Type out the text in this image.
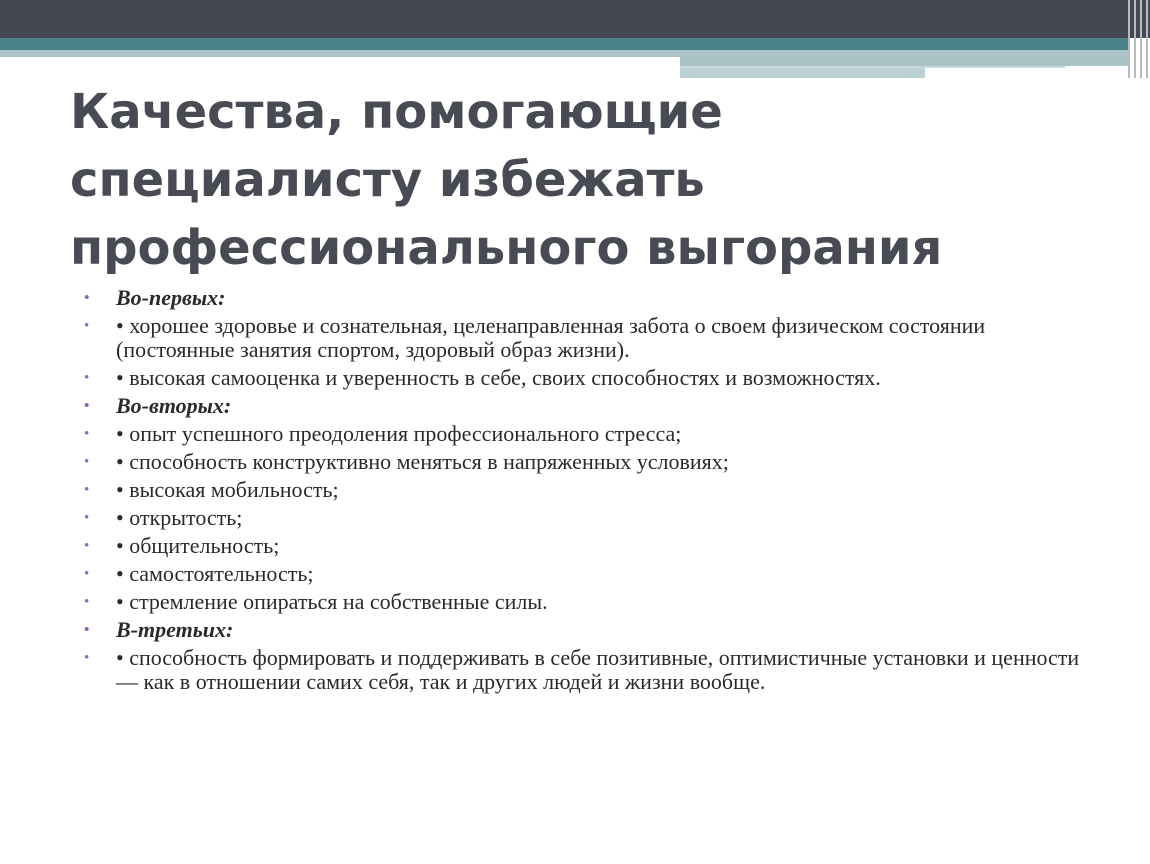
Качества, помогающие специалисту избежать профессионального выгорания
• Во-первых:
• • хорошее здоровье и сознательная, целенаправленная забота о своем физическом состоянии (постоянные занятия спортом, здоровый образ жизни).
• • высокая самооценка и уверенность в себе, своих способностях и возможностях.
• Во-вторых:
• • опыт успешного преодоления профессионального стресса;
• • способность конструктивно меняться в напряженных условиях;
• • высокая мобильность;
• • открытость;
• • общительность;
• • самостоятельность;
• • стремление опираться на собственные силы.
• В-третьих:
• • способность формировать и поддерживать в себе позитивные, оптимистичные установки и ценности — как в отношении самих себя, так и других людей и жизни вообще.
